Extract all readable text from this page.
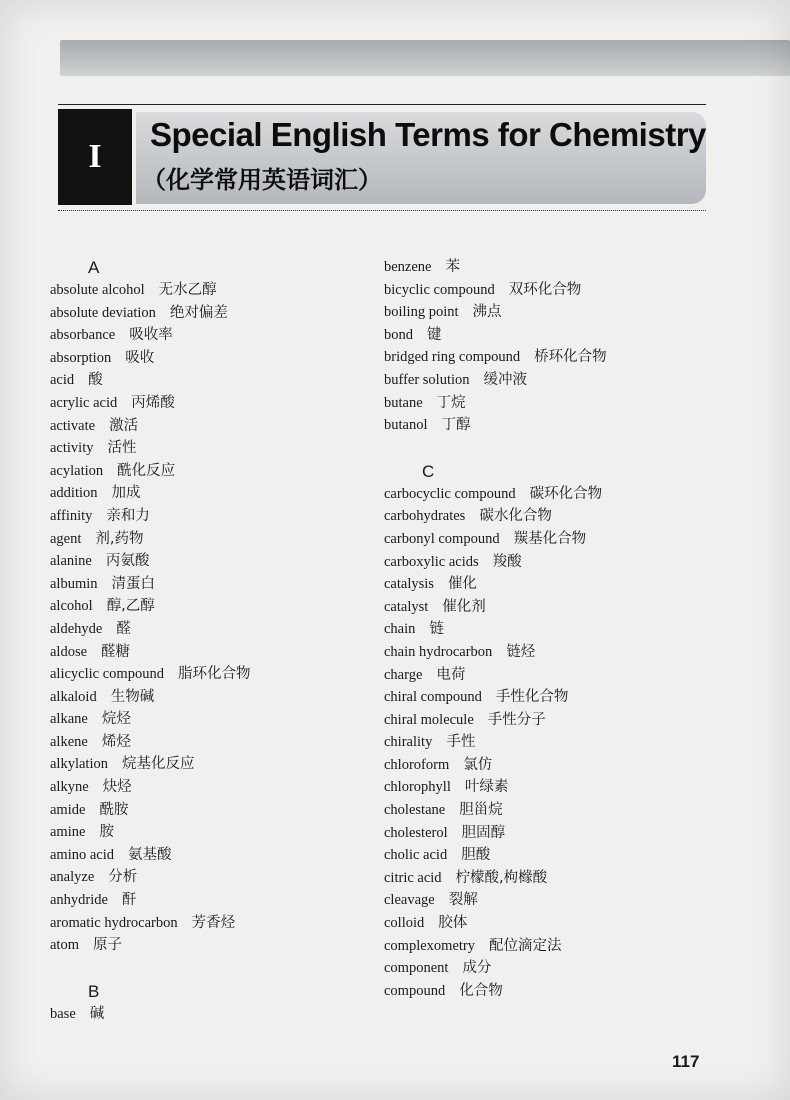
I
Special English Terms for Chemistry
（化学常用英语词汇）
A
absolute alcohol 无水乙醇
absolute deviation 绝对偏差
absorbance 吸收率
absorption 吸收
acid 酸
acrylic acid 丙烯酸
activate 激活
activity 活性
acylation 酰化反应
addition 加成
affinity 亲和力
agent 剂,药物
alanine 丙氨酸
albumin 清蛋白
alcohol 醇,乙醇
aldehyde 醛
aldose 醛糖
alicyclic compound 脂环化合物
alkaloid 生物碱
alkane 烷烃
alkene 烯烃
alkylation 烷基化反应
alkyne 炔烃
amide 酰胺
amine 胺
amino acid 氨基酸
analyze 分析
anhydride 酐
aromatic hydrocarbon 芳香烃
atom 原子
B
base 碱
benzene 苯
bicyclic compound 双环化合物
boiling point 沸点
bond 键
bridged ring compound 桥环化合物
buffer solution 缓冲液
butane 丁烷
butanol 丁醇
C
carbocyclic compound 碳环化合物
carbohydrates 碳水化合物
carbonyl compound 羰基化合物
carboxylic acids 羧酸
catalysis 催化
catalyst 催化剂
chain 链
chain hydrocarbon 链烃
charge 电荷
chiral compound 手性化合物
chiral molecule 手性分子
chirality 手性
chloroform 氯仿
chlorophyll 叶绿素
cholestane 胆甾烷
cholesterol 胆固醇
cholic acid 胆酸
citric acid 柠檬酸,枸橼酸
cleavage 裂解
colloid 胶体
complexometry 配位滴定法
component 成分
compound 化合物
117
